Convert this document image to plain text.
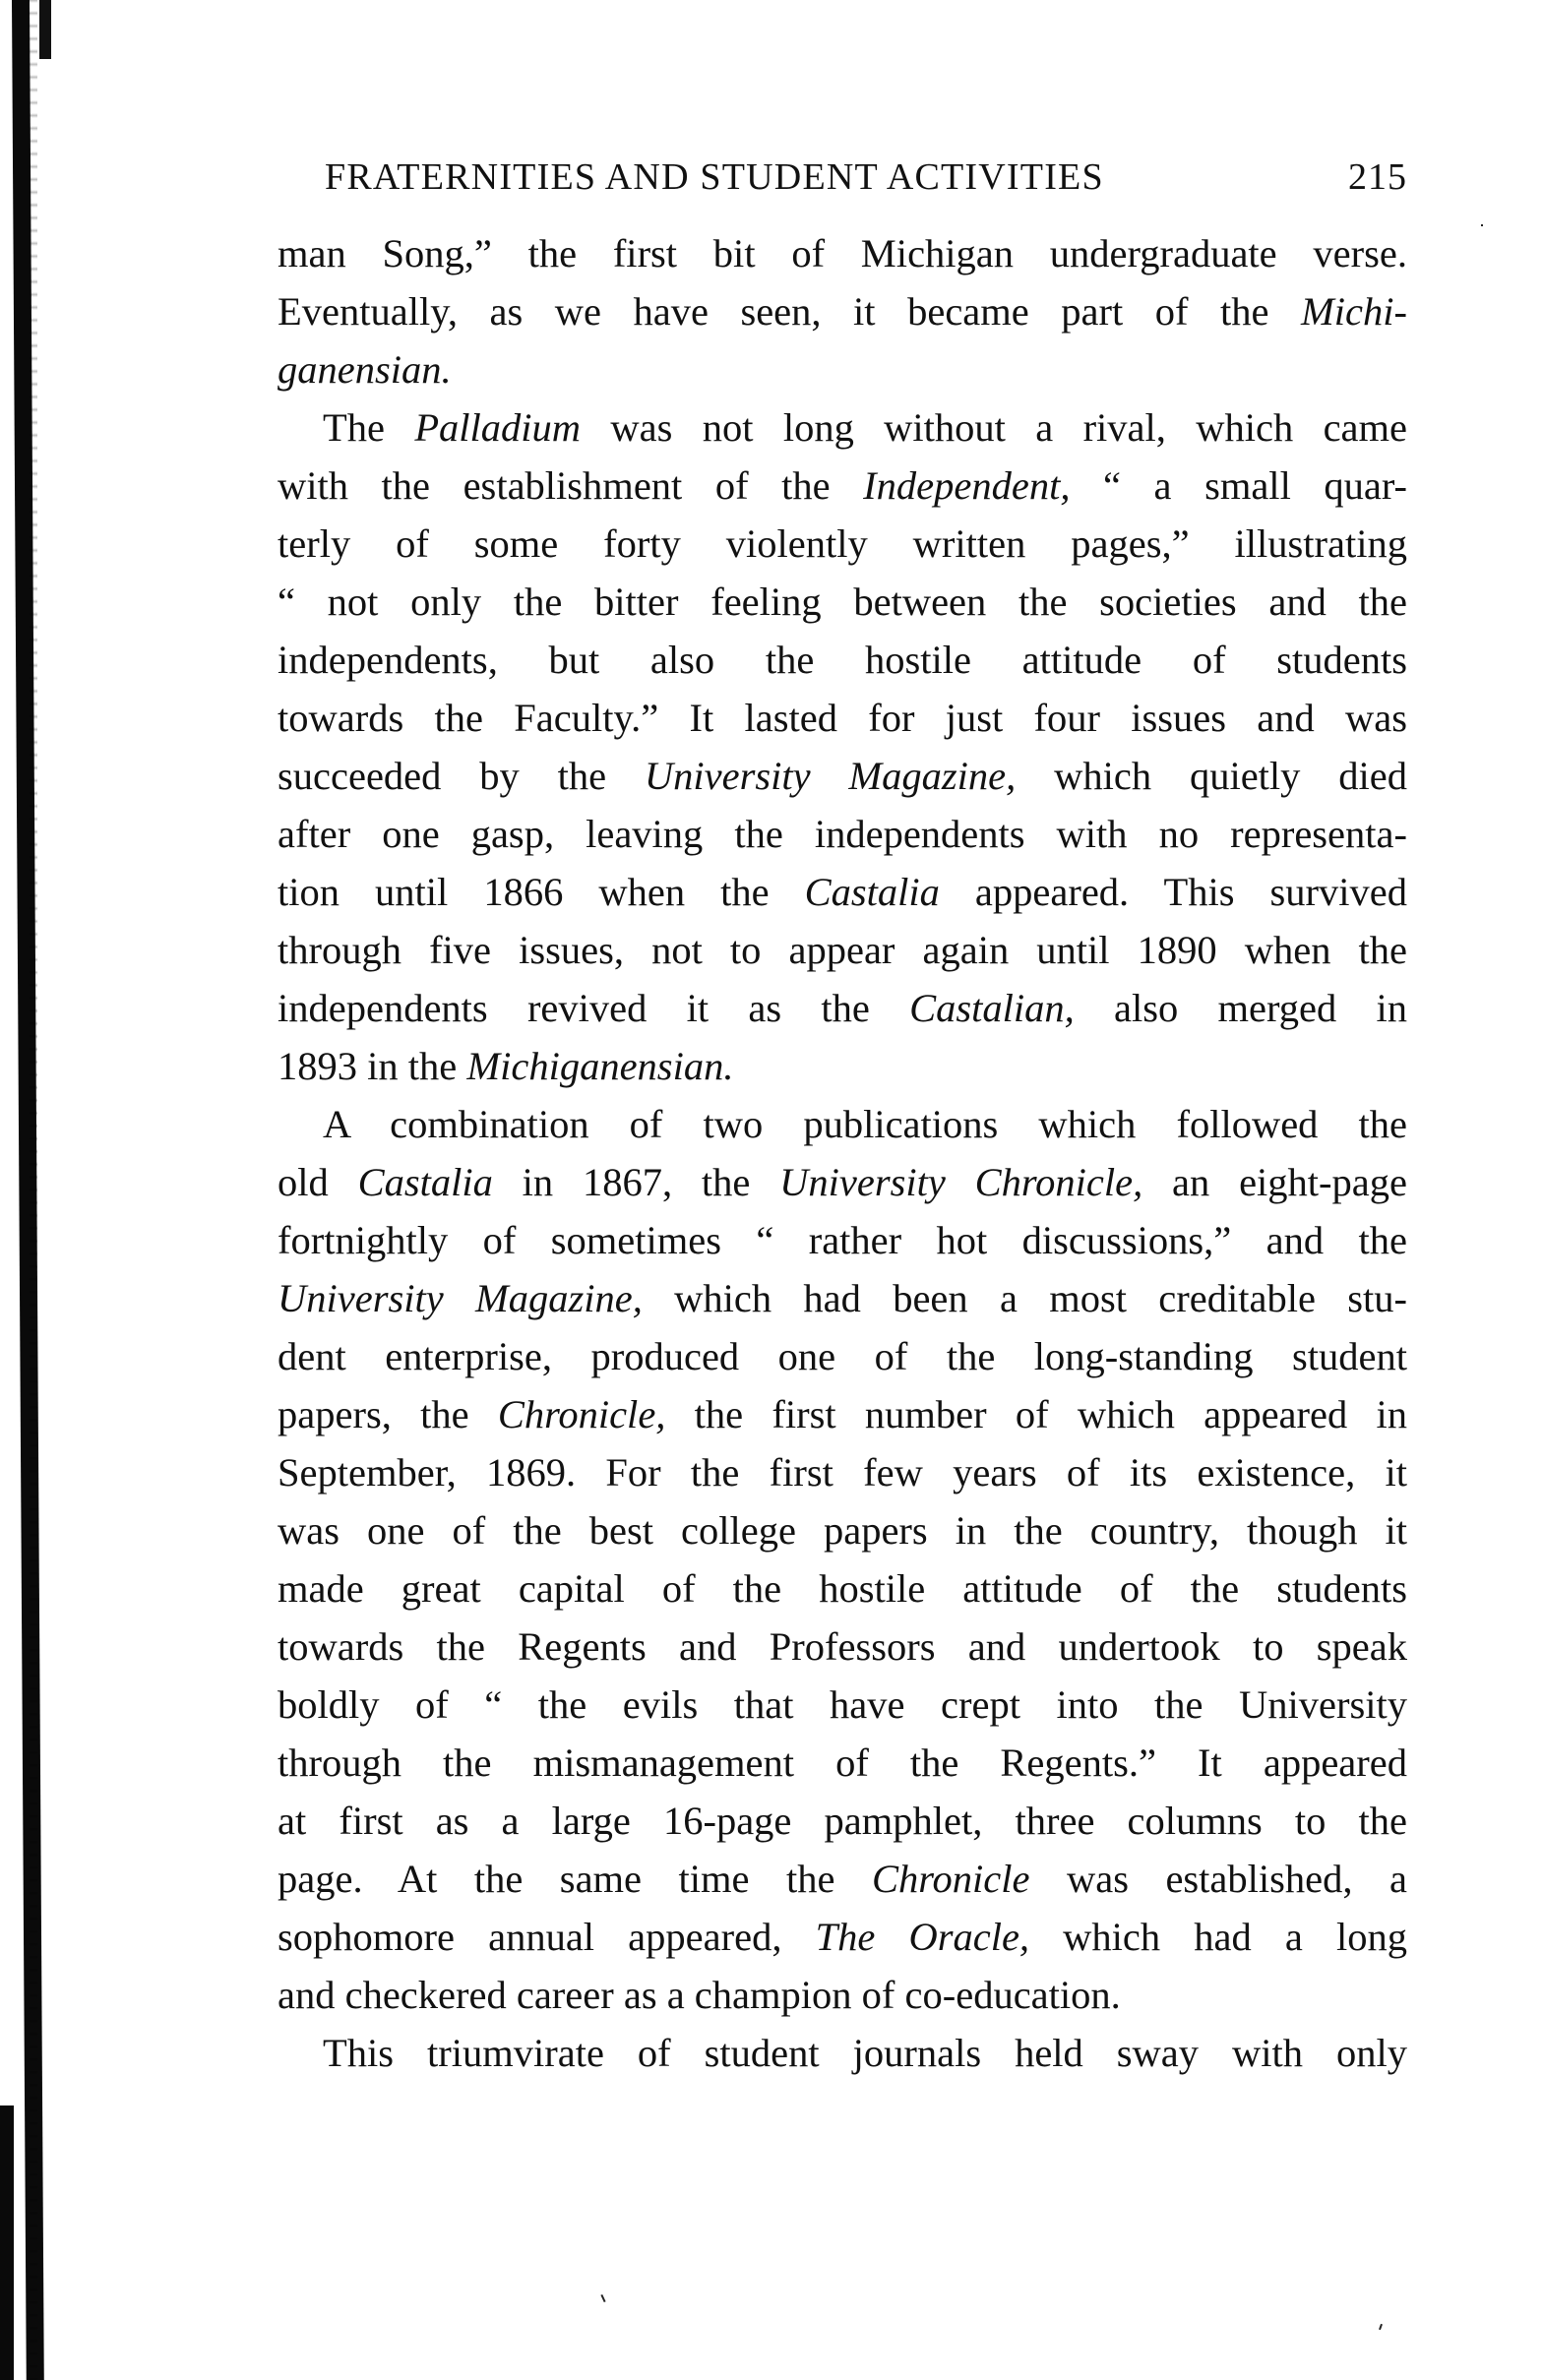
FRATERNITIES AND STUDENT ACTIVITIES	215
man Song,” the first bit of Michigan undergraduate verse.
Eventually, as we have seen, it became part of the Michi-
ganensian.
The Palladium was not long without a rival, which came
with the establishment of the Independent, “ a small quar-
terly of some forty violently written pages,” illustrating
“ not only the bitter feeling between the societies and the
independents, but also the hostile attitude of students
towards the Faculty.” It lasted for just four issues and was
succeeded by the University Magazine, which quietly died
after one gasp, leaving the independents with no representa-
tion until 1866 when the Castalia appeared. This survived
through five issues, not to appear again until 1890 when the
independents revived it as the Castalian, also merged in
1893 in the Michiganensian.
A combination of two publications which followed the
old Castalia in 1867, the University Chronicle, an eight-page
fortnightly of sometimes “ rather hot discussions,” and the
University Magazine, which had been a most creditable stu-
dent enterprise, produced one of the long-standing student
papers, the Chronicle, the first number of which appeared in
September, 1869. For the first few years of its existence, it
was one of the best college papers in the country, though it
made great capital of the hostile attitude of the students
towards the Regents and Professors and undertook to speak
boldly of “ the evils that have crept into the University
through the mismanagement of the Regents.” It appeared
at first as a large 16-page pamphlet, three columns to the
page. At the same time the Chronicle was established, a
sophomore annual appeared, The Oracle, which had a long
and checkered career as a champion of co-education.
This triumvirate of student journals held sway with only
